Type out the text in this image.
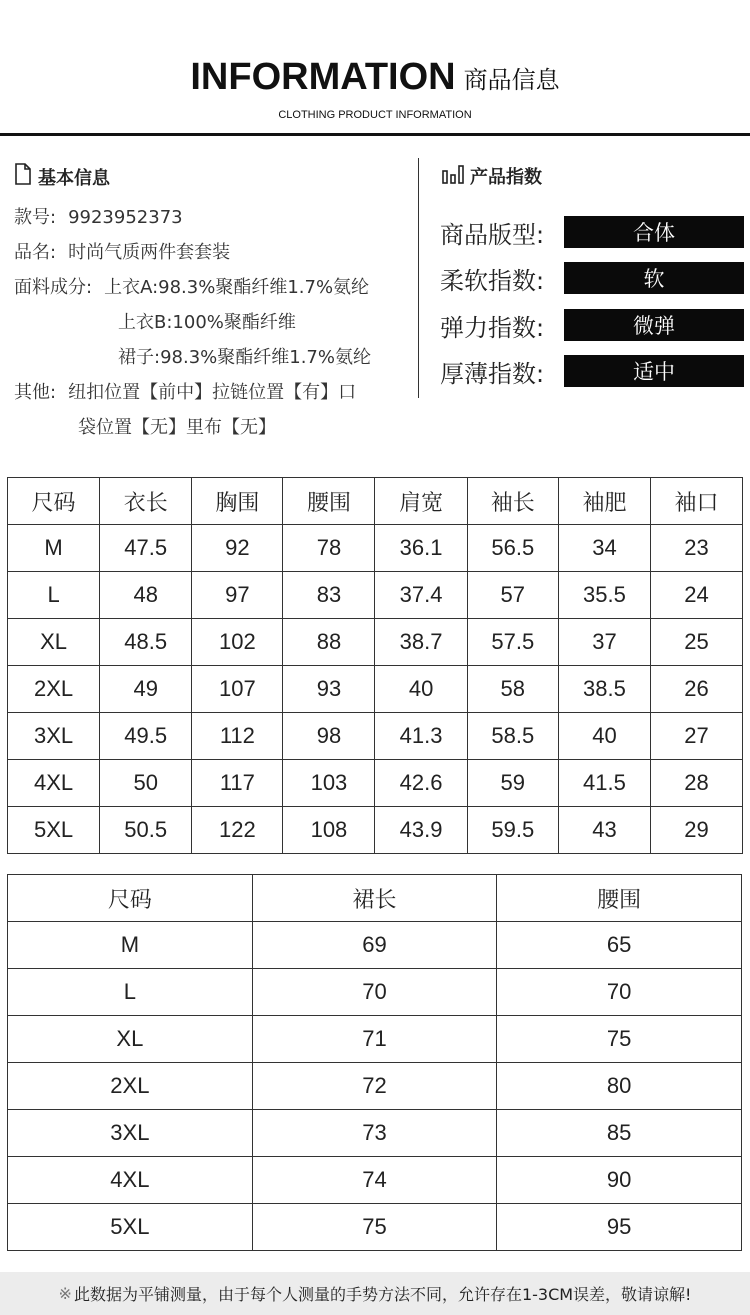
INFORMATION 商品信息
CLOTHING PRODUCT INFORMATION
基本信息
款号: 9923952373
品名: 时尚气质两件套套装
面料成分: 上衣A:98.3%聚酯纤维1.7%氨纶
上衣B:100%聚酯纤维
裙子:98.3%聚酯纤维1.7%氨纶
其他: 纽扣位置【前中】拉链位置【有】口
袋位置【无】里布【无】
产品指数
商品版型:	合体
柔软指数:	软
弹力指数:	微弹
厚薄指数:	适中
尺码	衣长	胸围	腰围	肩宽	袖长	袖肥	袖口
M	47.5	92	78	36.1	56.5	34	23
L	48	97	83	37.4	57	35.5	24
XL	48.5	102	88	38.7	57.5	37	25
2XL	49	107	93	40	58	38.5	26
3XL	49.5	112	98	41.3	58.5	40	27
4XL	50	117	103	42.6	59	41.5	28
5XL	50.5	122	108	43.9	59.5	43	29
尺码	裙长	腰围
M	69	65
L	70	70
XL	71	75
2XL	72	80
3XL	73	85
4XL	74	90
5XL	75	95
※ 此数据为平铺测量，由于每个人测量的手势方法不同，允许存在1-3CM误差，敬请谅解!
